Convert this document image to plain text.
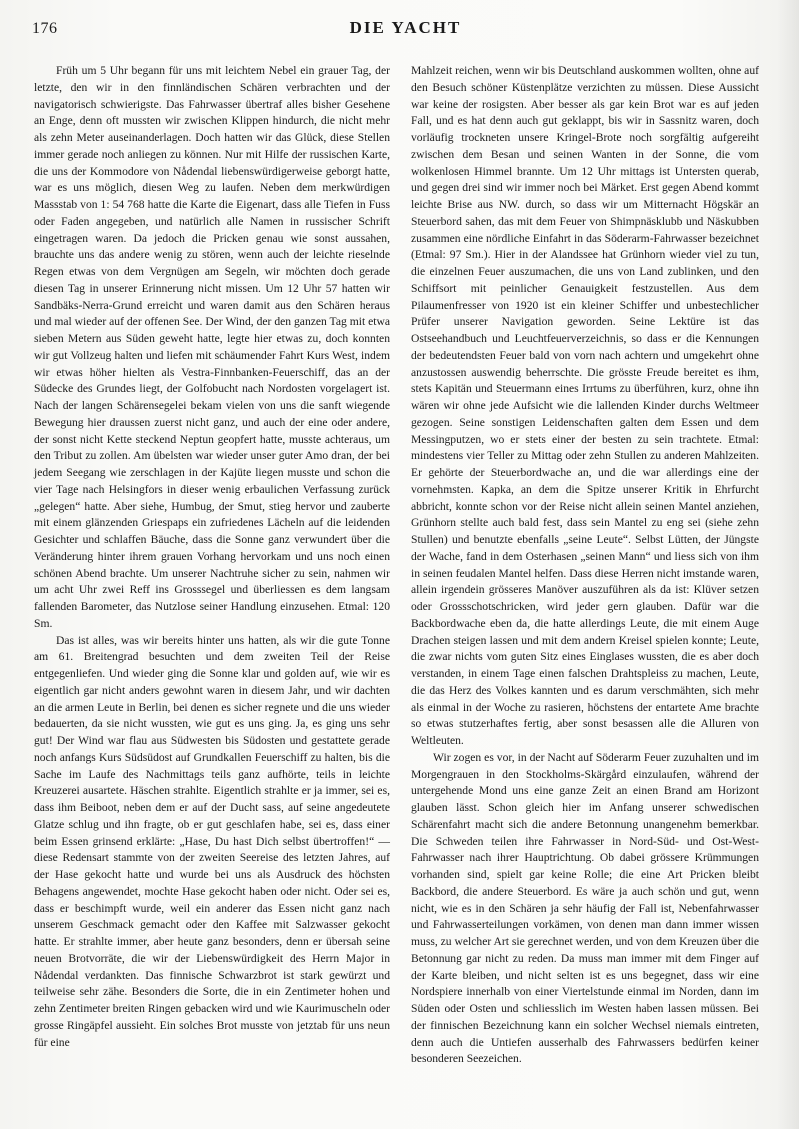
176	DIE YACHT

Früh um 5 Uhr begann für uns mit leichtem Nebel ein grauer Tag, der letzte, den wir in den finnländischen Schären verbrachten und der navigatorisch schwierigste. Das Fahrwasser übertraf alles bisher Gesehene an Enge, denn oft mussten wir zwischen Klippen hindurch, die nicht mehr als zehn Meter auseinanderlagen. Doch hatten wir das Glück, diese Stellen immer gerade noch anliegen zu können. Nur mit Hilfe der russischen Karte, die uns der Kommodore von Nådendal liebenswürdigerweise geborgt hatte, war es uns möglich, diesen Weg zu laufen. Neben dem merkwürdigen Massstab von 1: 54 768 hatte die Karte die Eigenart, dass alle Tiefen in Fuss oder Faden angegeben, und natürlich alle Namen in russischer Schrift eingetragen waren. Da jedoch die Pricken genau wie sonst aussahen, brauchte uns das andere wenig zu stören, wenn auch der leichte rieselnde Regen etwas von dem Vergnügen am Segeln, wir möchten doch gerade diesen Tag in unserer Erinnerung nicht missen. Um 12 Uhr 57 hatten wir Sandbäks-Nerra-Grund erreicht und waren damit aus den Schären heraus und mal wieder auf der offenen See. Der Wind, der den ganzen Tag mit etwa sieben Metern aus Süden geweht hatte, legte hier etwas zu, doch konnten wir gut Vollzeug halten und liefen mit schäumender Fahrt Kurs West, indem wir etwas höher hielten als Vestra-Finnbanken-Feuerschiff, das an der Südecke des Grundes liegt, der Golfobucht nach Nordosten vorgelagert ist. Nach der langen Schärensegelei bekam vielen von uns die sanft wiegende Bewegung hier draussen zuerst nicht ganz, und auch der eine oder andere, der sonst nicht Kette steckend Neptun geopfert hatte, musste achteraus, um den Tribut zu zollen. Am übelsten war wieder unser guter Amo dran, der bei jedem Seegang wie zerschlagen in der Kajüte liegen musste und schon die vier Tage nach Helsingfors in dieser wenig erbaulichen Verfassung zurück „gelegen“ hatte. Aber siehe, Humbug, der Smut, stieg hervor und zauberte mit einem glänzenden Griespaps ein zufriedenes Lächeln auf die leidenden Gesichter und schlaffen Bäuche, dass die Sonne ganz verwundert über die Veränderung hinter ihrem grauen Vorhang hervorkam und uns noch einen schönen Abend brachte. Um unserer Nachtruhe sicher zu sein, nahmen wir um acht Uhr zwei Reff ins Grosssegel und überliessen es dem langsam fallenden Barometer, das Nutzlose seiner Handlung einzusehen. Etmal: 120 Sm.

Das ist alles, was wir bereits hinter uns hatten, als wir die gute Tonne am 61. Breitengrad besuchten und dem zweiten Teil der Reise entgegenliefen. Und wieder ging die Sonne klar und golden auf, wie wir es eigentlich gar nicht anders gewohnt waren in diesem Jahr, und wir dachten an die armen Leute in Berlin, bei denen es sicher regnete und die uns wieder bedauerten, da sie nicht wussten, wie gut es uns ging. Ja, es ging uns sehr gut! Der Wind war flau aus Südwesten bis Südosten und gestattete gerade noch anfangs Kurs Südsüdost auf Grundkallen Feuerschiff zu halten, bis die Sache im Laufe des Nachmittags teils ganz aufhörte, teils in leichte Kreuzerei ausartete. Häschen strahlte. Eigentlich strahlte er ja immer, sei es, dass ihm Beiboot, neben dem er auf der Ducht sass, auf seine angedeutete Glatze schlug und ihn fragte, ob er gut geschlafen habe, sei es, dass einer beim Essen grinsend erklärte: „Hase, Du hast Dich selbst übertroffen!“ — diese Redensart stammte von der zweiten Seereise des letzten Jahres, auf der Hase gekocht hatte und wurde bei uns als Ausdruck des höchsten Behagens angewendet, mochte Hase gekocht haben oder nicht. Oder sei es, dass er beschimpft wurde, weil ein anderer das Essen nicht ganz nach unserem Geschmack gemacht oder den Kaffee mit Salzwasser gekocht hatte. Er strahlte immer, aber heute ganz besonders, denn er übersah seine neuen Brotvorräte, die wir der Liebenswürdigkeit des Herrn Major in Nådendal verdankten. Das finnische Schwarzbrot ist stark gewürzt und teilweise sehr zähe. Besonders die Sorte, die in ein Zentimeter hohen und zehn Zentimeter breiten Ringen gebacken wird und wie Kaurimuscheln oder grosse Ringäpfel aussieht. Ein solches Brot musste von jetztab für uns neun für eine

Mahlzeit reichen, wenn wir bis Deutschland auskommen wollten, ohne auf den Besuch schöner Küstenplätze verzichten zu müssen. Diese Aussicht war keine der rosigsten. Aber besser als gar kein Brot war es auf jeden Fall, und es hat denn auch gut geklappt, bis wir in Sassnitz waren, doch vorläufig trockneten unsere Kringel-Brote noch sorgfältig aufgereiht zwischen dem Besan und seinen Wanten in der Sonne, die vom wolkenlosen Himmel brannte. Um 12 Uhr mittags ist Untersten querab, und gegen drei sind wir immer noch bei Märket. Erst gegen Abend kommt leichte Brise aus NW. durch, so dass wir um Mitternacht Högskär an Steuerbord sahen, das mit dem Feuer von Shimpnäsklubb und Näskubben zusammen eine nördliche Einfahrt in das Söderarm-Fahrwasser bezeichnet (Etmal: 97 Sm.). Hier in der Alandssee hat Grünhorn wieder viel zu tun, die einzelnen Feuer auszumachen, die uns von Land zublinken, und den Schiffsort mit peinlicher Genauigkeit festzustellen. Aus dem Pilaumenfresser von 1920 ist ein kleiner Schiffer und unbestechlicher Prüfer unserer Navigation geworden. Seine Lektüre ist das Ostseehandbuch und Leuchtfeuerverzeichnis, so dass er die Kennungen der bedeutendsten Feuer bald von vorn nach achtern und umgekehrt ohne anzustossen auswendig beherrschte. Die grösste Freude bereitet es ihm, stets Kapitän und Steuermann eines Irrtums zu überführen, kurz, ohne ihn wären wir ohne jede Aufsicht wie die lallenden Kinder durchs Weltmeer gezogen. Seine sonstigen Leidenschaften galten dem Essen und dem Messingputzen, wo er stets einer der besten zu sein trachtete. Etmal: mindestens vier Teller zu Mittag oder zehn Stullen zu anderen Mahlzeiten. Er gehörte der Steuerbordwache an, und die war allerdings eine der vornehmsten. Kapka, an dem die Spitze unserer Kritik in Ehrfurcht abbricht, konnte schon vor der Reise nicht allein seinen Mantel anziehen, Grünhorn stellte auch bald fest, dass sein Mantel zu eng sei (siehe zehn Stullen) und benutzte ebenfalls „seine Leute“. Selbst Lütten, der Jüngste der Wache, fand in dem Osterhasen „seinen Mann“ und liess sich von ihm in seinen feudalen Mantel helfen. Dass diese Herren nicht imstande waren, allein irgendein grösseres Manöver auszuführen als da ist: Klüver setzen oder Grossschotschricken, wird jeder gern glauben. Dafür war die Backbordwache eben da, die hatte allerdings Leute, die mit einem Auge Drachen steigen lassen und mit dem andern Kreisel spielen konnte; Leute, die zwar nichts vom guten Sitz eines Einglases wussten, die es aber doch verstanden, in einem Tage einen falschen Drahtspleiss zu machen, Leute, die das Herz des Volkes kannten und es darum verschmähten, sich mehr als einmal in der Woche zu rasieren, höchstens der entartete Ame brachte so etwas stutzerhaftes fertig, aber sonst besassen alle die Alluren von Weltleuten.

Wir zogen es vor, in der Nacht auf Söderarm Feuer zuzuhalten und im Morgengrauen in den Stockholms-Skärgård einzulaufen, während der untergehende Mond uns eine ganze Zeit an einen Brand am Horizont glauben lässt. Schon gleich hier im Anfang unserer schwedischen Schärenfahrt macht sich die andere Betonnung unangenehm bemerkbar. Die Schweden teilen ihre Fahrwasser in Nord-Süd- und Ost-West-Fahrwasser nach ihrer Hauptrichtung. Ob dabei grössere Krümmungen vorhanden sind, spielt gar keine Rolle; die eine Art Pricken bleibt Backbord, die andere Steuerbord. Es wäre ja auch schön und gut, wenn nicht, wie es in den Schären ja sehr häufig der Fall ist, Nebenfahrwasser und Fahrwasserteilungen vorkämen, von denen man dann immer wissen muss, zu welcher Art sie gerechnet werden, und von dem Kreuzen über die Betonnung gar nicht zu reden. Da muss man immer mit dem Finger auf der Karte bleiben, und nicht selten ist es uns begegnet, dass wir eine Nordspiere innerhalb von einer Viertelstunde einmal im Norden, dann im Süden oder Osten und schliesslich im Westen haben lassen müssen. Bei der finnischen Bezeichnung kann ein solcher Wechsel niemals eintreten, denn auch die Untiefen ausserhalb des Fahrwassers bedürfen keiner besonderen Seezeichen.
